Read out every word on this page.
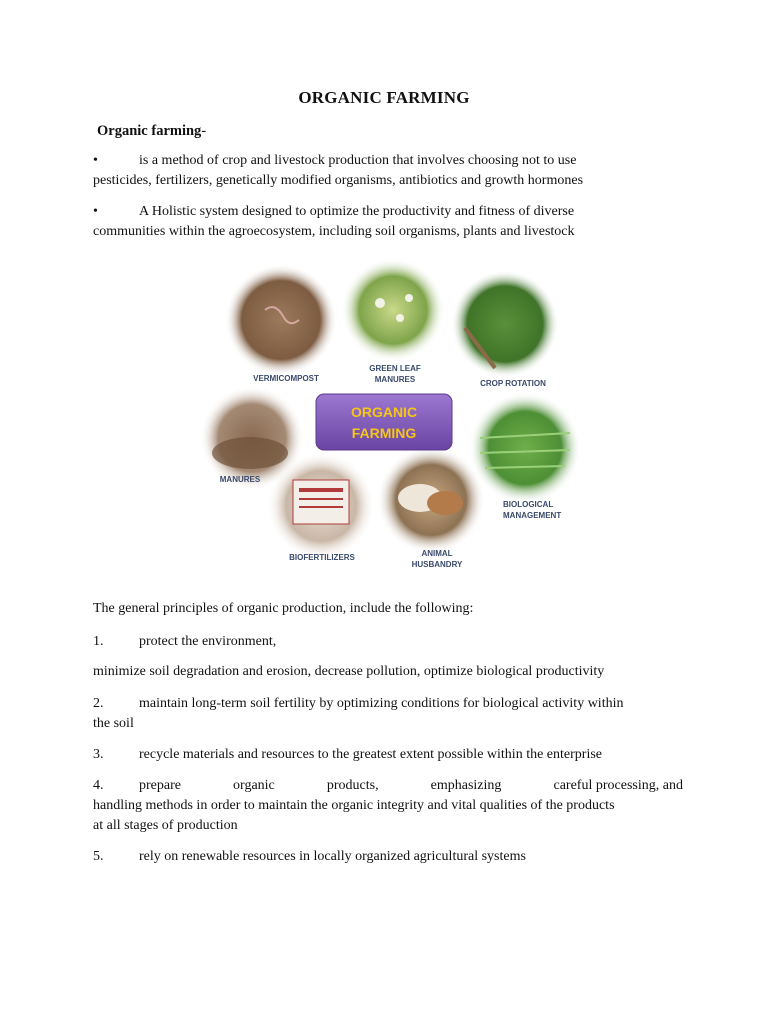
ORGANIC FARMING
Organic farming-
•	is a method of crop and livestock production that involves choosing not to use
pesticides, fertilizers, genetically modified organisms, antibiotics and growth hormones
•	A Holistic system designed to optimize the productivity and fitness of diverse
communities within the agroecosystem, including soil organisms, plants and livestock
ORGANIC
FARMING
VERMICOMPOST
GREEN LEAF
MANURES	CROP ROTATION
MANURES
BIOLOGICAL
MANAGEMENT
BIOFERTILIZERS	ANIMAL
HUSBANDRY
The general principles of organic production, include the following:
1.	protect the environment,
minimize soil degradation and erosion, decrease pollution, optimize biological productivity
2.	maintain long-term soil fertility by optimizing conditions for biological activity within
the soil
3.	recycle materials and resources to the greatest extent possible within the enterprise
4.	prepare	organic	products,	emphasizing	careful processing, and
handling methods in order to maintain the organic integrity and vital qualities of the products
at all stages of production
5.	rely on renewable resources in locally organized agricultural systems
